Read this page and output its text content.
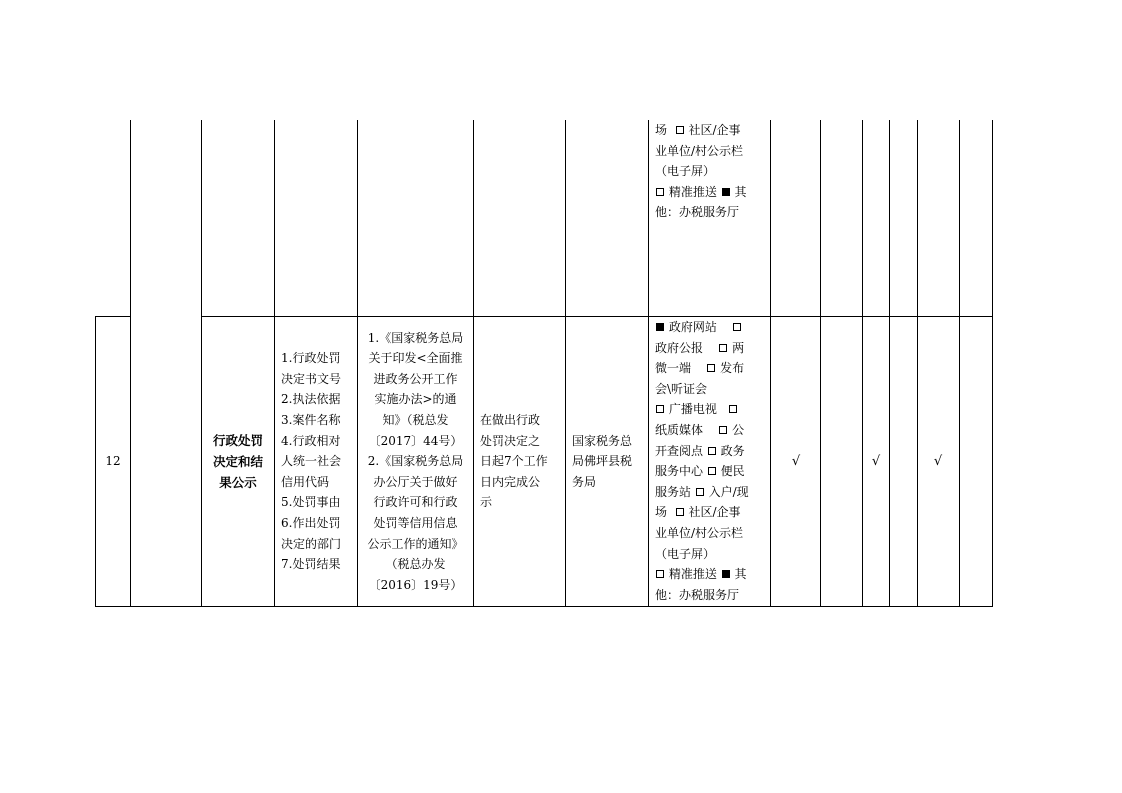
场   社区/企事
业单位/村公示栏
（电子屏）
精准推送  其
他：办税服务厅
12
行政处罚
决定和结
果公示
1.行政处罚
决定书文号
2.执法依据
3.案件名称
4.行政相对
人统一社会
信用代码
5.处罚事由
6.作出处罚
决定的部门
7.处罚结果
1.《国家税务总局
关于印发<全面推
进政务公开工作
实施办法>的通
知》（税总发
〔2017〕44号）
2.《国家税务总局
办公厅关于做好
行政许可和行政
处罚等信用信息
公示工作的通知》
（税总办发
〔2016〕19号）
在做出行政
处罚决定之
日起7个工作
日内完成公
示
国家税务总
局佛坪县税
务局
政府网站
政府公报     两
微一端     发布
会\听证会
广播电视
纸质媒体     公
开查阅点  政务
服务中心  便民
服务站  入户/现
场   社区/企事
业单位/村公示栏
（电子屏）
精准推送  其
他：办税服务厅
√	√	√
